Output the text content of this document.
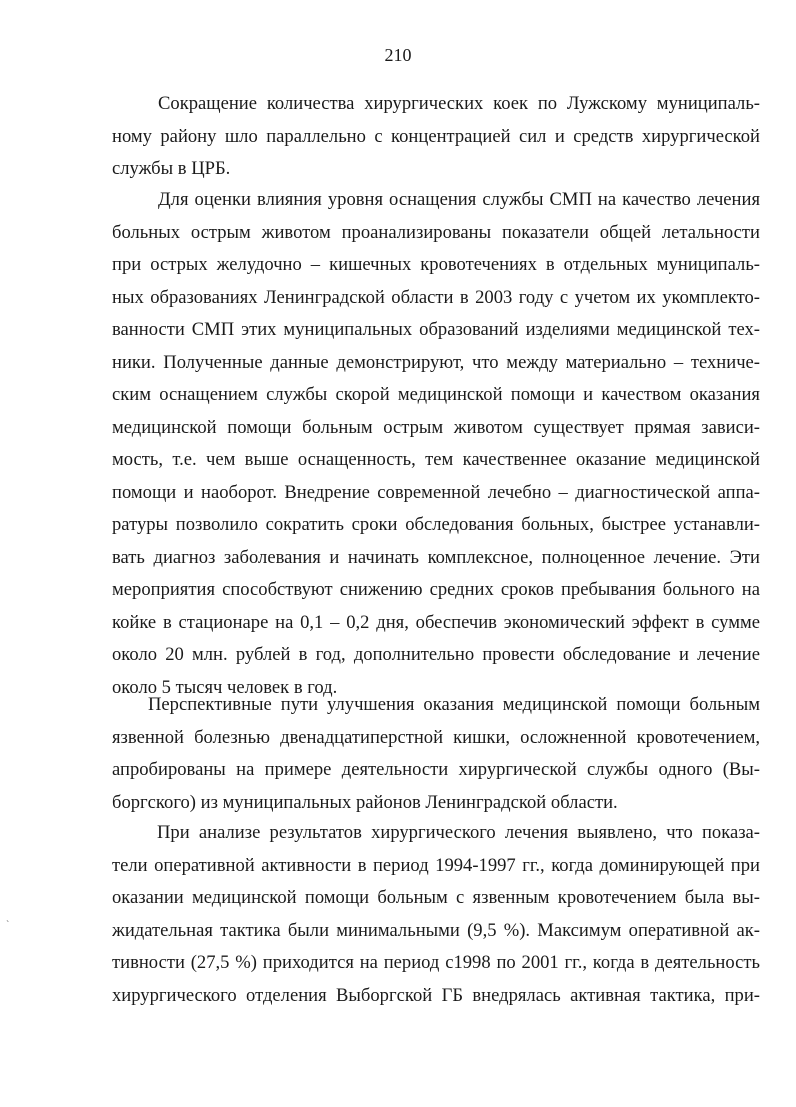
210
Сокращение количества хирургических коек по Лужскому муниципаль-
ному району шло параллельно с концентрацией сил и средств хирургической
службы в ЦРБ.
Для оценки влияния уровня оснащения службы СМП на качество лечения
больных острым животом проанализированы показатели общей летальности
при острых желудочно – кишечных кровотечениях в отдельных муниципаль-
ных образованиях Ленинградской области в 2003 году с учетом их укомплекто-
ванности СМП этих муниципальных образований изделиями медицинской тех-
ники. Полученные данные демонстрируют, что между материально – техниче-
ским оснащением службы скорой медицинской помощи и качеством оказания
медицинской помощи больным острым животом существует прямая зависи-
мость, т.е. чем выше оснащенность, тем качественнее оказание медицинской
помощи и наоборот. Внедрение современной лечебно – диагностической аппа-
ратуры позволило сократить сроки обследования больных, быстрее устанавли-
вать диагноз заболевания и начинать комплексное, полноценное лечение. Эти
мероприятия способствуют снижению средних сроков пребывания больного на
койке в стационаре на 0,1 – 0,2 дня, обеспечив экономический эффект в сумме
около 20 млн. рублей в год, дополнительно провести обследование и лечение
около 5 тысяч человек в год.
Перспективные пути улучшения оказания медицинской помощи больным
язвенной болезнью двенадцатиперстной кишки, осложненной кровотечением,
апробированы на примере деятельности хирургической службы одного (Вы-
боргского) из муниципальных районов Ленинградской области.
При анализе результатов хирургического лечения выявлено, что показа-
тели оперативной активности в период 1994-1997 гг., когда доминирующей при
оказании медицинской помощи больным с язвенным кровотечением была вы-
жидательная тактика были минимальными (9,5 %). Максимум оперативной ак-
тивности (27,5 %) приходится на период с1998 по 2001 гг., когда в деятельность
хирургического отделения Выборгской ГБ внедрялась активная тактика, при-
`
